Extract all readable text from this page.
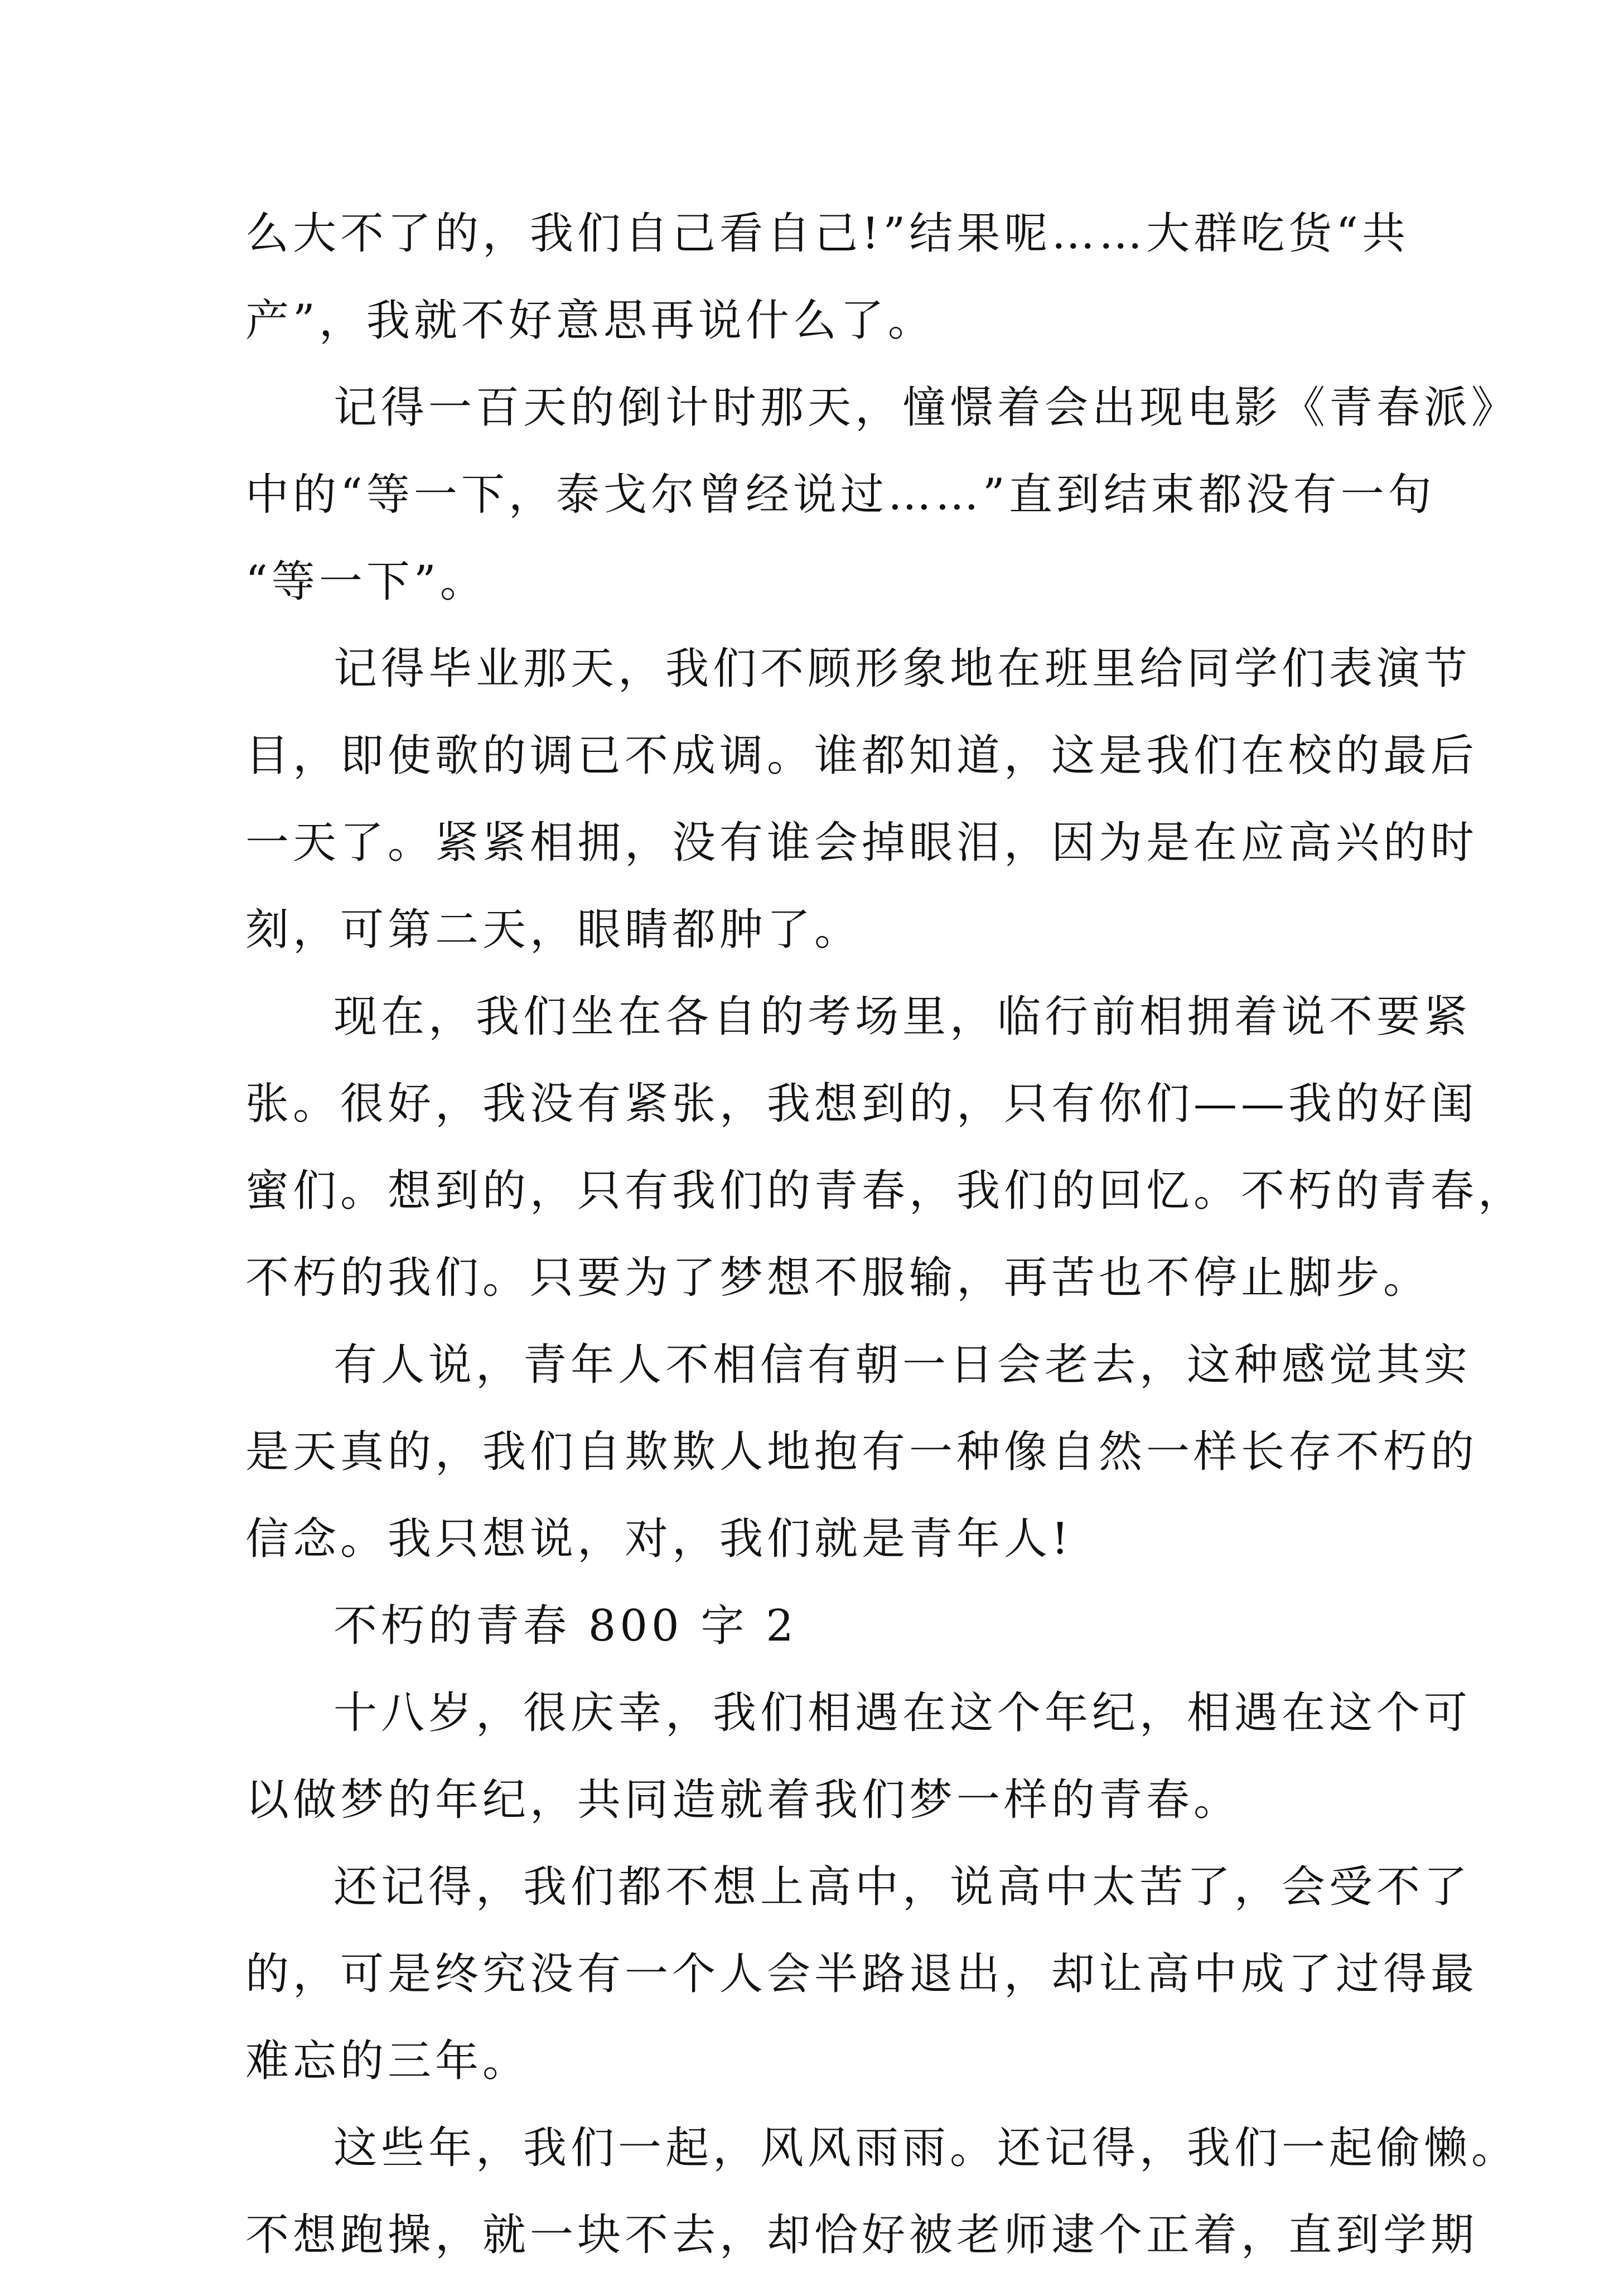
么大不了的，我们自己看自己!”结果呢……大群吃货“共
产”，我就不好意思再说什么了。
记得一百天的倒计时那天，憧憬着会出现电影《青春派》
中的“等一下，泰戈尔曾经说过……”直到结束都没有一句
“等一下”。
记得毕业那天，我们不顾形象地在班里给同学们表演节
目，即使歌的调已不成调。谁都知道，这是我们在校的最后
一天了。紧紧相拥，没有谁会掉眼泪，因为是在应高兴的时
刻，可第二天，眼睛都肿了。
现在，我们坐在各自的考场里，临行前相拥着说不要紧
张。很好，我没有紧张，我想到的，只有你们——我的好闺
蜜们。想到的，只有我们的青春，我们的回忆。不朽的青春，
不朽的我们。只要为了梦想不服输，再苦也不停止脚步。
有人说，青年人不相信有朝一日会老去，这种感觉其实
是天真的，我们自欺欺人地抱有一种像自然一样长存不朽的
信念。我只想说，对，我们就是青年人!
不朽的青春 800 字 2
十八岁，很庆幸，我们相遇在这个年纪，相遇在这个可
以做梦的年纪，共同造就着我们梦一样的青春。
还记得，我们都不想上高中，说高中太苦了，会受不了
的，可是终究没有一个人会半路退出，却让高中成了过得最
难忘的三年。
这些年，我们一起，风风雨雨。还记得，我们一起偷懒。
不想跑操，就一块不去，却恰好被老师逮个正着，直到学期
